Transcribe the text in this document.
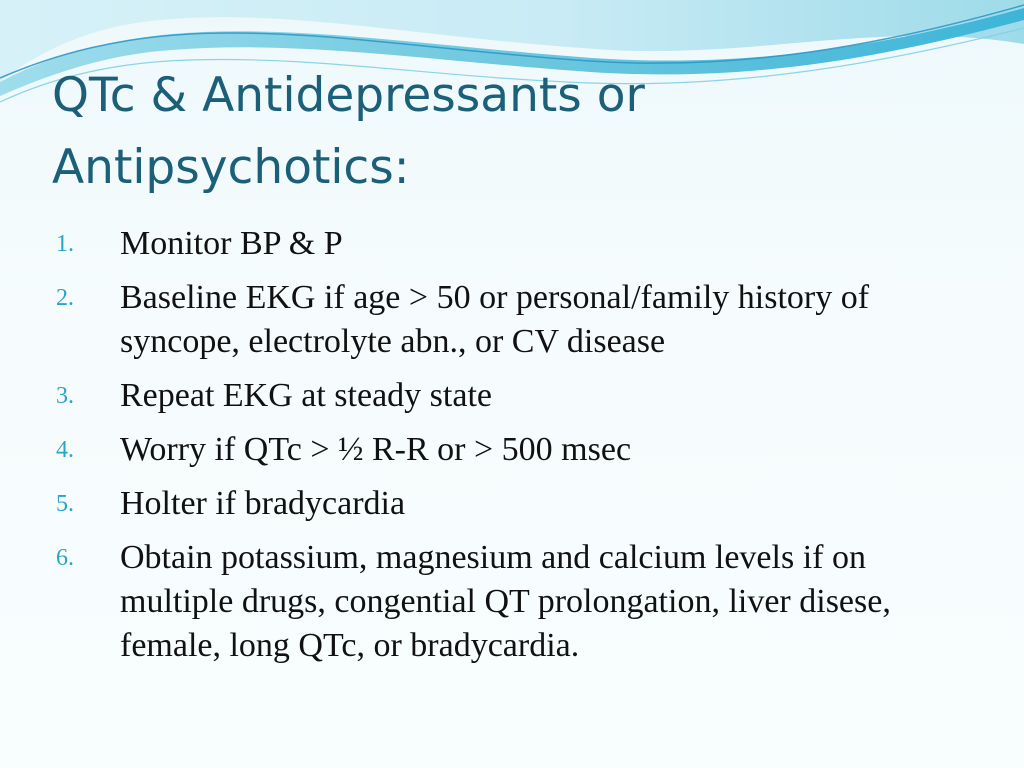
QTc & Antidepressants or
Antipsychotics:
1.	Monitor BP & P
2.	Baseline EKG if age > 50 or personal/family history of syncope, electrolyte abn., or CV disease
3.	Repeat EKG at steady state
4.	Worry if QTc > ½ R-R or > 500 msec
5.	Holter if bradycardia
6.	Obtain potassium, magnesium and calcium levels if on multiple drugs, congential QT prolongation, liver disese, female, long QTc, or bradycardia.
